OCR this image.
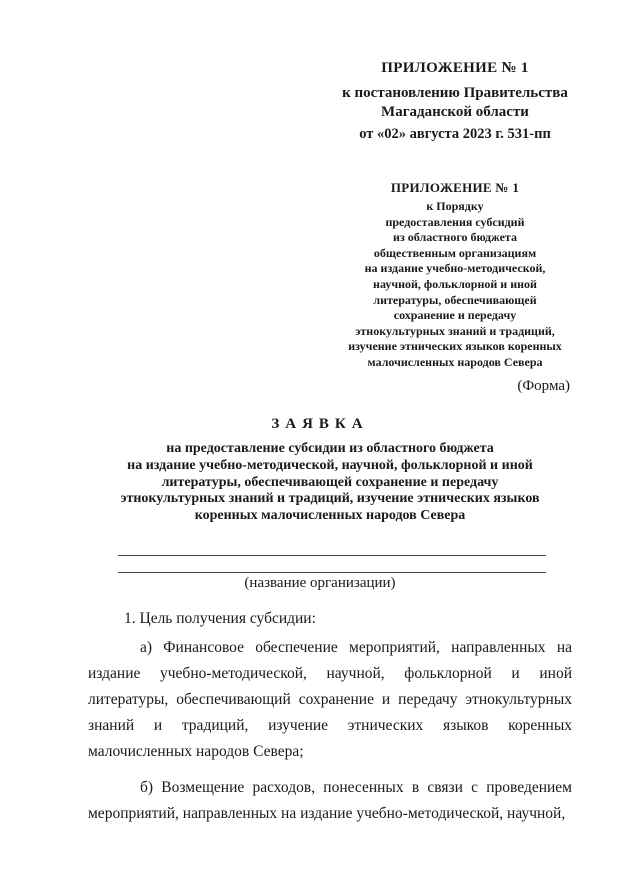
ПРИЛОЖЕНИЕ № 1
к постановлению Правительства Магаданской области
от «02» августа 2023 г. 531-пп
ПРИЛОЖЕНИЕ № 1
к Порядку
предоставления субсидий
из областного бюджета
общественным организациям
на издание учебно-методической,
научной, фольклорной и иной
литературы, обеспечивающей
сохранение и передачу
этнокультурных знаний и традиций,
изучение этнических языков коренных
малочисленных народов Севера
(Форма)
ЗАЯВКА
на предоставление субсидии из областного бюджета
на издание учебно-методической, научной, фольклорной и иной
литературы, обеспечивающей сохранение и передачу
этнокультурных знаний и традиций, изучение этнических языков
коренных малочисленных народов Севера
(название организации)
1. Цель получения субсидии:
а) Финансовое обеспечение мероприятий, направленных на издание учебно-методической, научной, фольклорной и иной литературы, обеспечивающий сохранение и передачу этнокультурных знаний и традиций, изучение этнических языков коренных малочисленных народов Севера;
б) Возмещение расходов, понесенных в связи с проведением мероприятий, направленных на издание учебно-методической, научной,
